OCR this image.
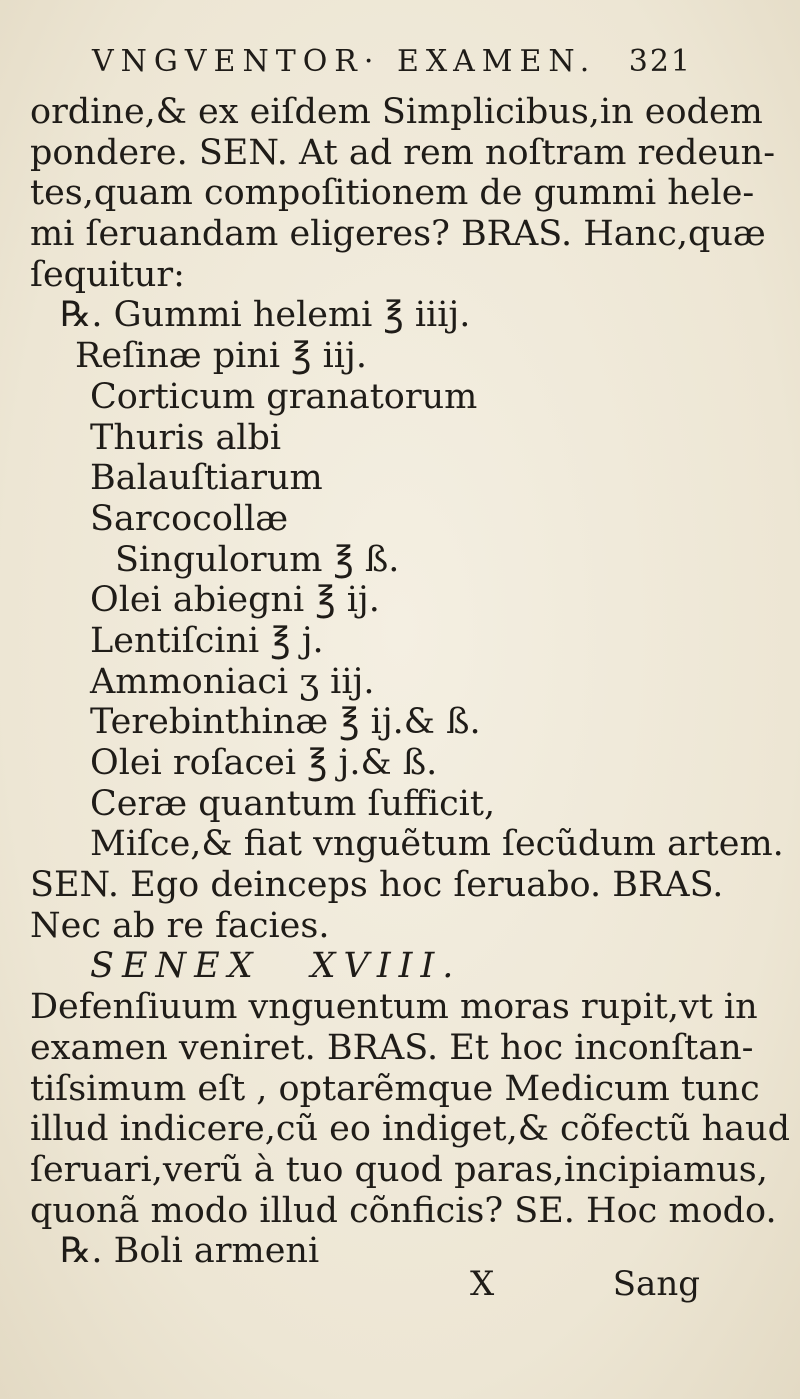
VNGVENTOR· EXAMEN. 321
ordine,& ex eiſdem Simplicibus,in eodem
pondere. SEN. At ad rem noſtram redeun-
tes,quam compoſitionem de gummi hele-
mi ſeruandam eligeres? BRAS. Hanc,quæ
ſequitur:
℞. Gummi helemi ℥ iiij.
Reſinæ pini ℥ iij.
Corticum granatorum
Thuris albi
Balauſtiarum
Sarcocollæ
Singulorum ℥ ß.
Olei abiegni ℥ ij.
Lentiſcini ℥ j.
Ammoniaci ʒ iij.
Terebinthinæ ℥ ij.& ß.
Olei roſacei ℥ j.& ß.
Ceræ quantum ſufficit,
Miſce,& fiat vnguẽtum ſecũdum artem.
SEN. Ego deinceps hoc ſeruabo. BRAS.
Nec ab re facies.
SENEX XVIII.
Defenſiuum vnguentum moras rupit,vt in
examen veniret. BRAS. Et hoc inconſtan-
tiſsimum eſt , optarẽmque Medicum tunc
illud indicere,cũ eo indiget,& cõfectũ haud
ſeruari,verũ à tuo quod paras,incipiamus,
quonã modo illud cõnficis? SE. Hoc modo.
℞. Boli armeni
X	Sang
